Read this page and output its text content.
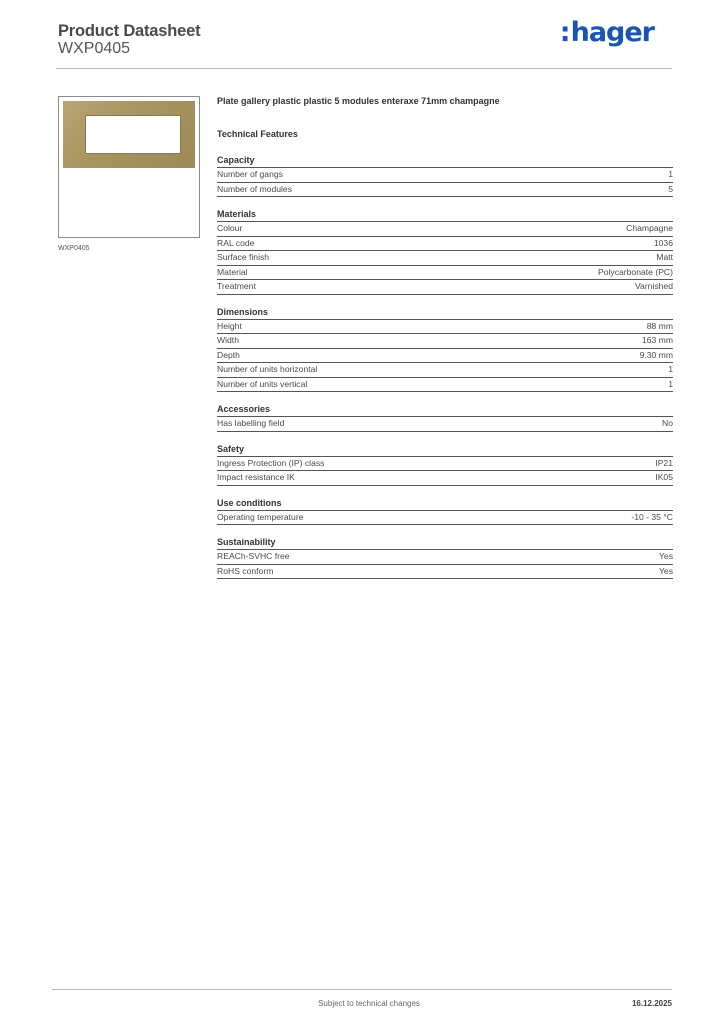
Product Datasheet
WXP0405
: hager
WXP0405
Plate gallery plastic plastic 5 modules enteraxe 71mm champagne
Technical Features
Capacity
Number of gangs	1
Number of modules	5
Materials
Colour	Champagne
RAL code	1036
Surface finish	Matt
Material	Polycarbonate (PC)
Treatment	Varnished
Dimensions
Height	88 mm
Width	163 mm
Depth	9.30 mm
Number of units horizontal	1
Number of units vertical	1
Accessories
Has labelling field	No
Safety
Ingress Protection (IP) class	IP21
Impact resistance IK	IK05
Use conditions
Operating temperature	-10 - 35 °C
Sustainability
REACh-SVHC free	Yes
RoHS conform	Yes
Subject to technical changes	16.12.2025
